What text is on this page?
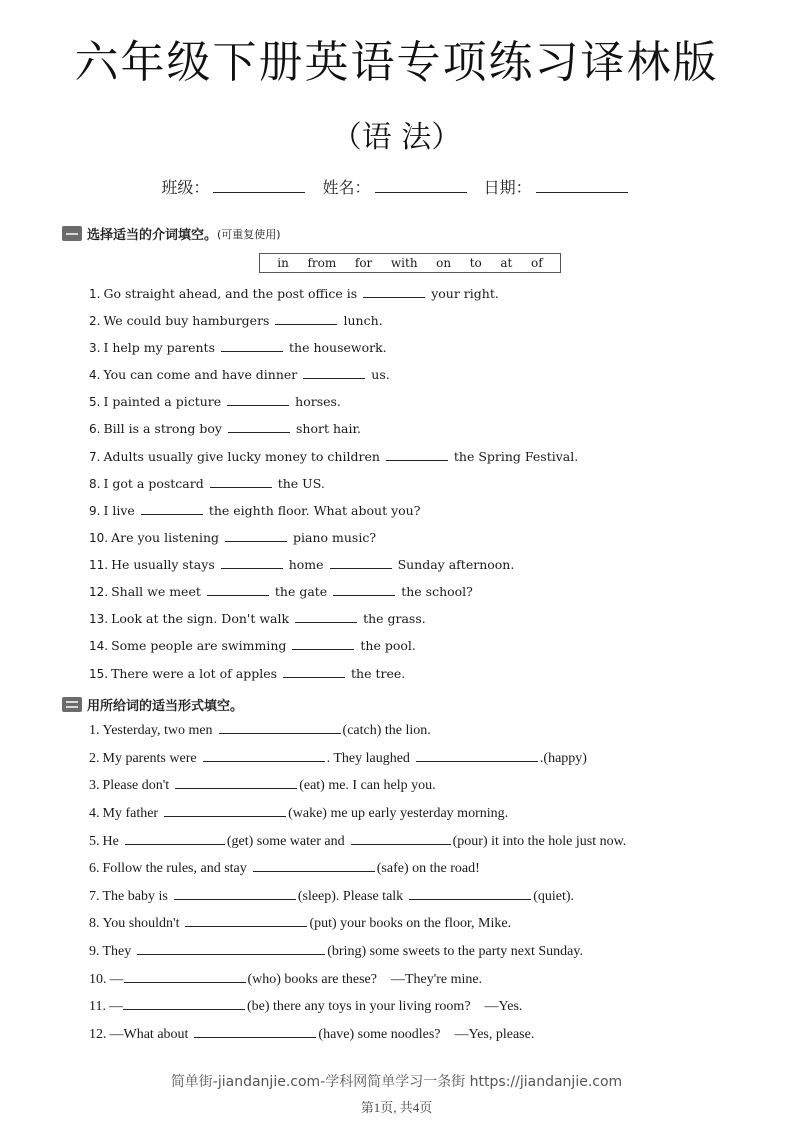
六年级下册英语专项练习译林版
（语 法）
班级：	姓名：	日期：
选择适当的介词填空。 (可重复使用)
in from for with on to at of
1. Go straight ahead, and the post office is	your right.
2. We could buy hamburgers	lunch.
3. I help my parents	the housework.
4. You can come and have dinner	us.
5. I painted a picture	horses.
6. Bill is a strong boy	short hair.
7. Adults usually give lucky money to children	the Spring Festival.
8. I got a postcard	the US.
9. I live	the eighth floor. What about you?
10. Are you listening	piano music?
11. He usually stays	home	Sunday afternoon.
12. Shall we meet	the gate	the school?
13. Look at the sign. Don't walk	the grass.
14. Some people are swimming	the pool.
15. There were a lot of apples	the tree.
用所给词的适当形式填空。
1. Yesterday, two men	(catch) the lion.
2. My parents were	. They laughed	.(happy)
3. Please don't	(eat) me. I can help you.
4. My father	(wake) me up early yesterday morning.
5. He	(get) some water and	(pour) it into the hole just now.
6. Follow the rules, and stay	(safe) on the road!
7. The baby is	(sleep). Please talk	(quiet).
8. You shouldn't	(put) your books on the floor, Mike.
9. They	(bring) some sweets to the party next Sunday.
10. —	(who) books are these?    —They're mine.
11. —	(be) there any toys in your living room?    —Yes.
12. —What about	(have) some noodles?    —Yes, please.
简单街-jiandanjie.com-学科网简单学习一条街 https://jiandanjie.com
第1页, 共4页
